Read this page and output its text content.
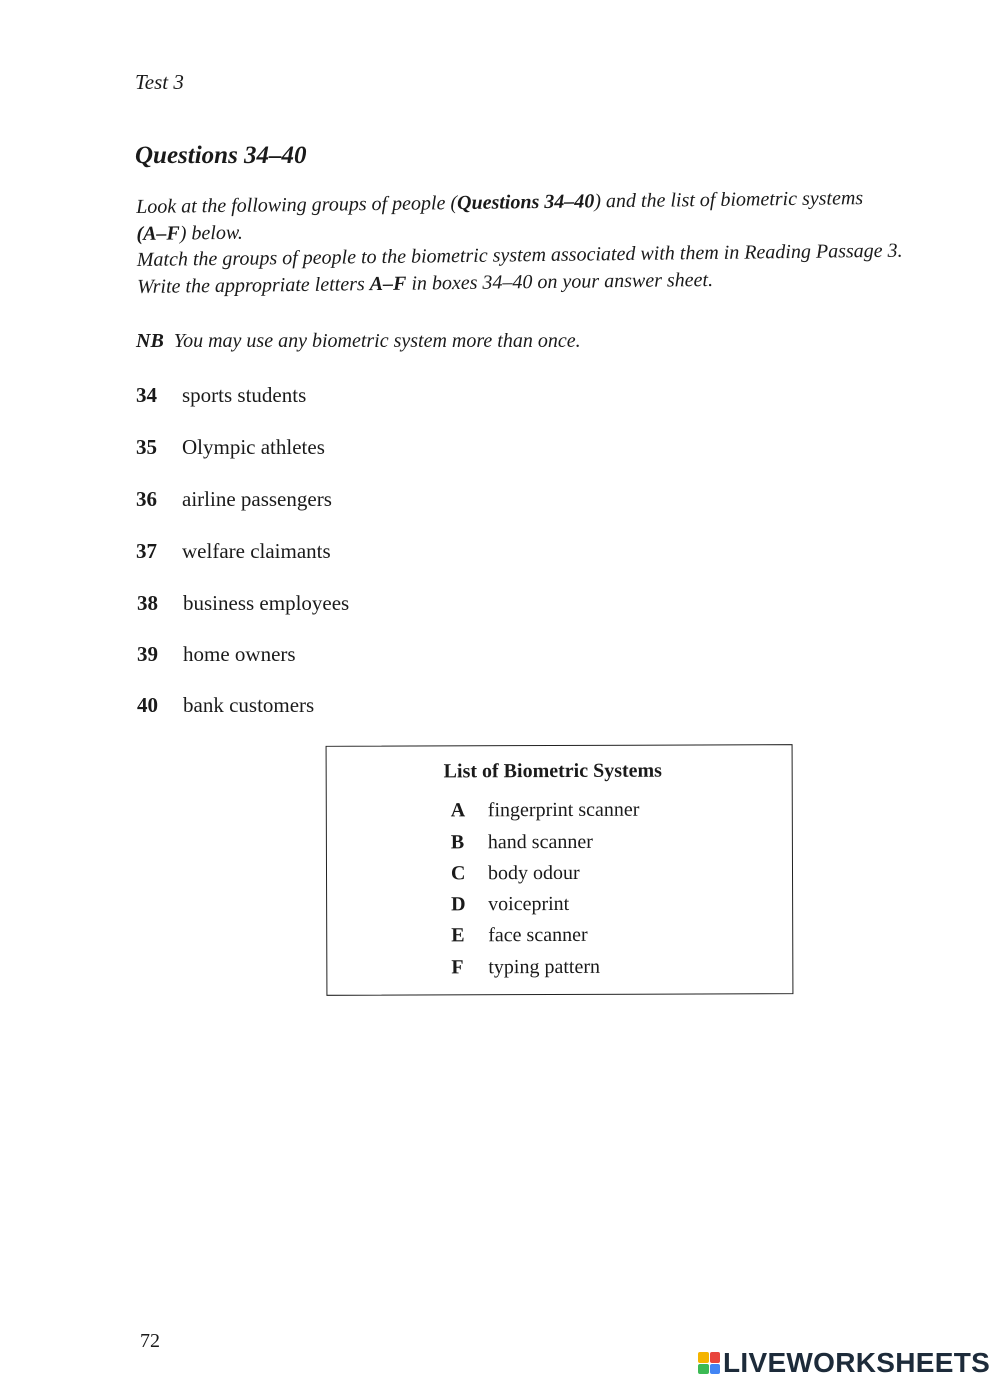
Test 3
Questions 34–40

Look at the following groups of people (Questions 34–40) and the list of biometric systems

(A–F) below.

Match the groups of people to the biometric system associated with them in Reading Passage 3.

Write the appropriate letters A–F in boxes 34–40 on your answer sheet.

NB You may use any biometric system more than once.
34 sports students
35 Olympic athletes
36 airline passengers
37 welfare claimants
38 business employees
39 home owners
40 bank customers
List of Biometric Systems
A fingerprint scanner
B hand scanner
C body odour
D voiceprint
E face scanner
F typing pattern
72
LIVEWORKSHEETS
